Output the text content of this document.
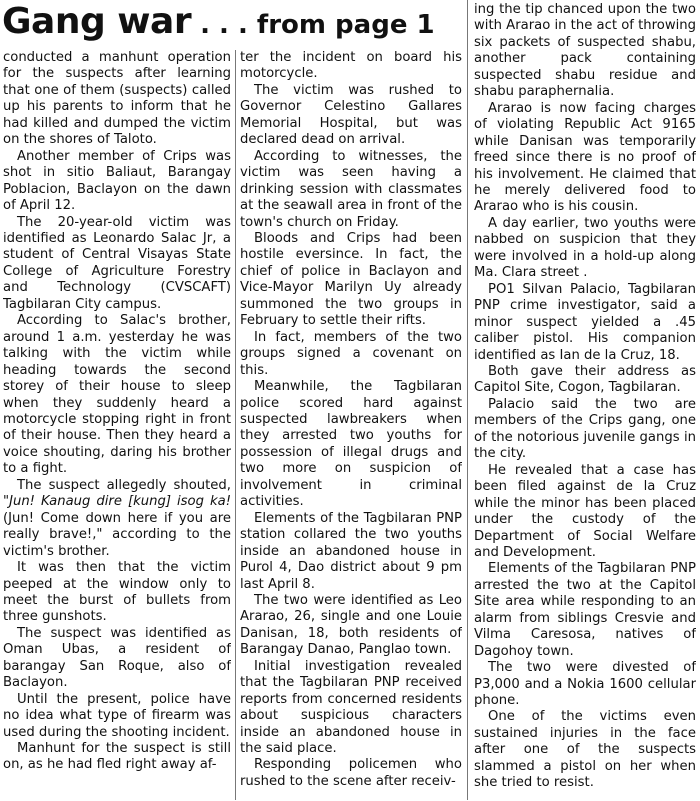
Gang war . . . from page 1

conducted a manhunt operation for the suspects after learning that one of them (suspects) called up his parents to inform that he had killed and dumped the victim on the shores of Taloto.

Another member of Crips was shot in sitio Baliaut, Barangay Poblacion, Baclayon on the dawn of April 12.

The 20-year-old victim was identified as Leonardo Salac Jr, a student of Central Visayas State College of Agriculture Forestry and Technology (CVSCAFT) Tagbilaran City campus.

According to Salac's brother, around 1 a.m. yesterday he was talking with the victim while heading towards the second storey of their house to sleep when they suddenly heard a motorcycle stopping right in front of their house. Then they heard a voice shouting, daring his brother to a fight.

The suspect allegedly shouted, "Jun! Kanaug dire [kung] isog ka! (Jun! Come down here if you are really brave!," according to the victim's brother.

It was then that the victim peeped at the window only to meet the burst of bullets from three gunshots.

The suspect was identified as Oman Ubas, a resident of barangay San Roque, also of Baclayon.

Until the present, police have no idea what type of firearm was used during the shooting incident.

Manhunt for the suspect is still on, as he had fled right away af-

ter the incident on board his motorcycle.

The victim was rushed to Governor Celestino Gallares Memorial Hospital, but was declared dead on arrival.

According to witnesses, the victim was seen having a drinking session with classmates at the seawall area in front of the town's church on Friday.

Bloods and Crips had been hostile eversince. In fact, the chief of police in Baclayon and Vice-Mayor Marilyn Uy already summoned the two groups in February to settle their rifts.

In fact, members of the two groups signed a covenant on this.

Meanwhile, the Tagbilaran police scored hard against suspected lawbreakers when they arrested two youths for possession of illegal drugs and two more on suspicion of involvement in criminal activities.

Elements of the Tagbilaran PNP station collared the two youths inside an abandoned house in Purol 4, Dao district about 9 pm last April 8.

The two were identified as Leo Ararao, 26, single and one Louie Danisan, 18, both residents of Barangay Danao, Panglao town.

Initial investigation revealed that the Tagbilaran PNP received reports from concerned residents about suspicious characters inside an abandoned house in the said place.

Responding policemen who rushed to the scene after receiv-

ing the tip chanced upon the two with Ararao in the act of throwing six packets of suspected shabu, another pack containing suspected shabu residue and shabu paraphernalia.

Ararao is now facing charges of violating Republic Act 9165 while Danisan was temporarily freed since there is no proof of his involvement. He claimed that he merely delivered food to Ararao who is his cousin.

A day earlier, two youths were nabbed on suspicion that they were involved in a hold-up along Ma. Clara street .

PO1 Silvan Palacio, Tagbilaran PNP crime investigator, said a minor suspect yielded a .45 caliber pistol. His companion identified as Ian de la Cruz, 18.

Both gave their address as Capitol Site, Cogon, Tagbilaran.

Palacio said the two are members of the Crips gang, one of the notorious juvenile gangs in the city.

He revealed that a case has been filed against de la Cruz while the minor has been placed under the custody of the Department of Social Welfare and Development.

Elements of the Tagbilaran PNP arrested the two at the Capitol Site area while responding to an alarm from siblings Cresvie and Vilma Caresosa, natives of Dagohoy town.

The two were divested of P3,000 and a Nokia 1600 cellular phone.

One of the victims even sustained injuries in the face after one of the suspects slammed a pistol on her when she tried to resist.
